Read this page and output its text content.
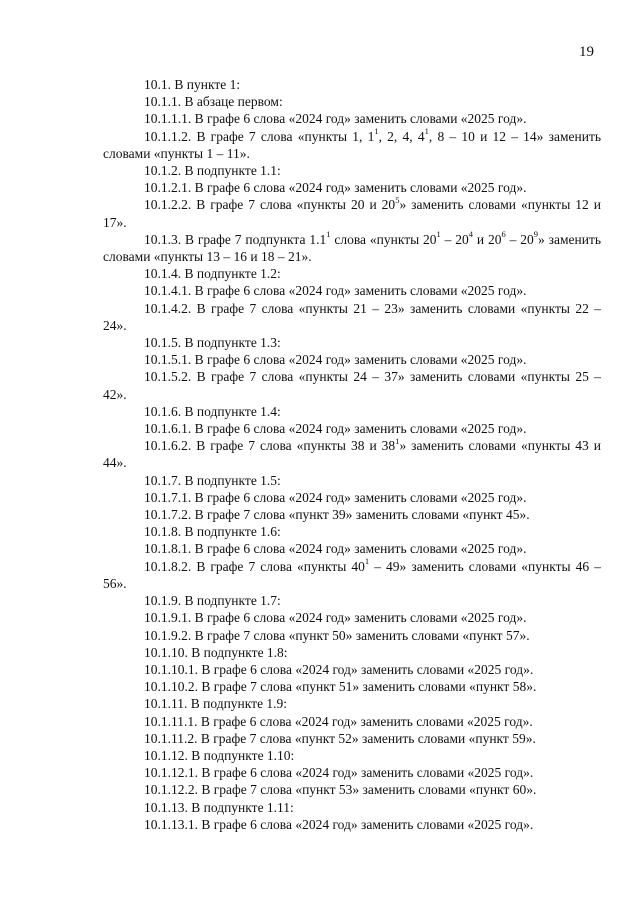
19

10.1. В пункте 1:

10.1.1. В абзаце первом:

10.1.1.1. В графе 6 слова «2024 год» заменить словами «2025 год».

10.1.1.2. В графе 7 слова «пункты 1, $1^1$, 2, 4, $4^1$, 8 – 10 и 12 – 14» заменить словами «пункты 1 – 11».

10.1.2. В подпункте 1.1:

10.1.2.1. В графе 6 слова «2024 год» заменить словами «2025 год».

10.1.2.2. В графе 7 слова «пункты 20 и $20^5$» заменить словами «пункты 12 и 17».

10.1.3. В графе 7 подпункта $1.1^1$ слова «пункты $20^1 - 20^4$ и $20^6 - 20^9$» заменить словами «пункты 13 – 16 и 18 – 21».

10.1.4. В подпункте 1.2:

10.1.4.1. В графе 6 слова «2024 год» заменить словами «2025 год».

10.1.4.2. В графе 7 слова «пункты 21 – 23» заменить словами «пункты 22 – 24».

10.1.5. В подпункте 1.3:

10.1.5.1. В графе 6 слова «2024 год» заменить словами «2025 год».

10.1.5.2. В графе 7 слова «пункты 24 – 37» заменить словами «пункты 25 – 42».

10.1.6. В подпункте 1.4:

10.1.6.1. В графе 6 слова «2024 год» заменить словами «2025 год».

10.1.6.2. В графе 7 слова «пункты 38 и $38^1$» заменить словами «пункты 43 и 44».

10.1.7. В подпункте 1.5:

10.1.7.1. В графе 6 слова «2024 год» заменить словами «2025 год».

10.1.7.2. В графе 7 слова «пункт 39» заменить словами «пункт 45».

10.1.8. В подпункте 1.6:

10.1.8.1. В графе 6 слова «2024 год» заменить словами «2025 год».

10.1.8.2. В графе 7 слова «пункты $40^1 - 49$» заменить словами «пункты 46 – 56».

10.1.9. В подпункте 1.7:

10.1.9.1. В графе 6 слова «2024 год» заменить словами «2025 год».

10.1.9.2. В графе 7 слова «пункт 50» заменить словами «пункт 57».

10.1.10. В подпункте 1.8:

10.1.10.1. В графе 6 слова «2024 год» заменить словами «2025 год».

10.1.10.2. В графе 7 слова «пункт 51» заменить словами «пункт 58».

10.1.11. В подпункте 1.9:

10.1.11.1. В графе 6 слова «2024 год» заменить словами «2025 год».

10.1.11.2. В графе 7 слова «пункт 52» заменить словами «пункт 59».

10.1.12. В подпункте 1.10:

10.1.12.1. В графе 6 слова «2024 год» заменить словами «2025 год».

10.1.12.2. В графе 7 слова «пункт 53» заменить словами «пункт 60».

10.1.13. В подпункте 1.11:

10.1.13.1. В графе 6 слова «2024 год» заменить словами «2025 год».
